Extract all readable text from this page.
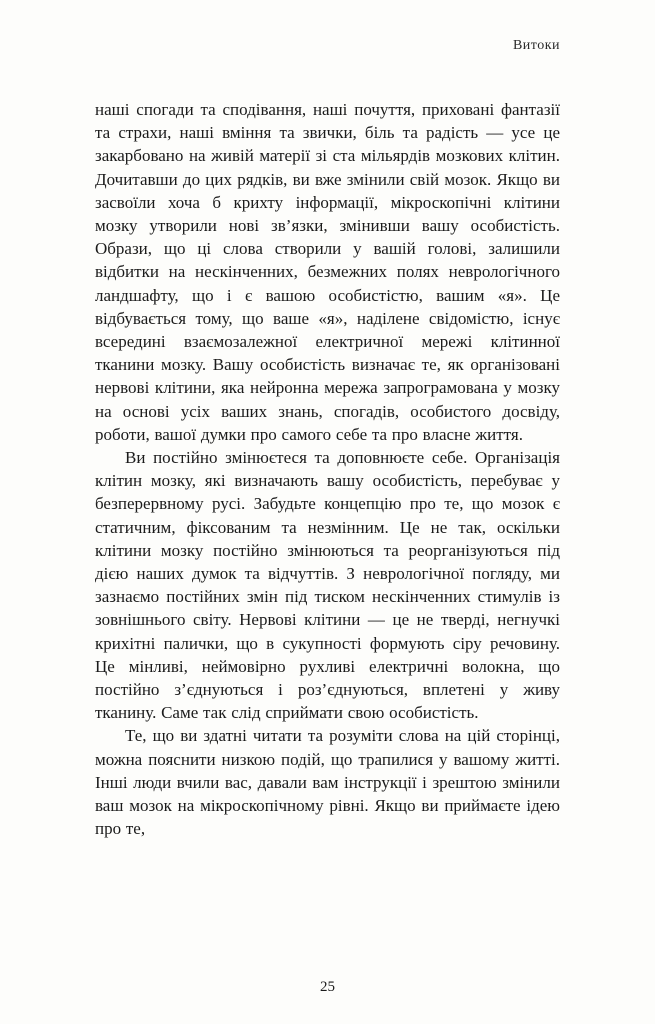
Витоки

наші спогади та сподівання, наші почуття, приховані фантазії та страхи, наші вміння та звички, біль та радість — усе це закарбовано на живій матерії зі ста мільярдів мозкових клітин. Дочитавши до цих рядків, ви вже змінили свій мозок. Якщо ви засвоїли хоча б крихту інформації, мікроскопічні клітини мозку утворили нові зв’язки, змінивши вашу особистість. Образи, що ці слова створили у вашій голові, залишили відбитки на нескінченних, безмежних полях неврологічного ландшафту, що і є вашою особистістю, вашим «я». Це відбувається тому, що ваше «я», наділене свідомістю, існує всередині взаємозалежної електричної мережі клітинної тканини мозку. Вашу особистість визначає те, як організовані нервові клітини, яка нейронна мережа запрограмована у мозку на основі усіх ваших знань, спогадів, особистого досвіду, роботи, вашої думки про самого себе та про власне життя.

Ви постійно змінюєтеся та доповнюєте себе. Організація клітин мозку, які визначають вашу особистість, перебуває у безперервному русі. Забудьте концепцію про те, що мозок є статичним, фіксованим та незмінним. Це не так, оскільки клітини мозку постійно змінюються та реорганізуються під дією наших думок та відчуттів. З неврологічної погляду, ми зазнаємо постійних змін під тиском нескінченних стимулів із зовнішнього світу. Нервові клітини — це не тверді, негнучкі крихітні палички, що в сукупності формують сіру речовину. Це мінливі, неймовірно рухливі електричні волокна, що постійно з’єднуються і роз’єднуються, вплетені у живу тканину. Саме так слід сприймати свою особистість.

Те, що ви здатні читати та розуміти слова на цій сторінці, можна пояснити низкою подій, що трапилися у вашому житті. Інші люди вчили вас, давали вам інструкції і зрештою змінили ваш мозок на мікроскопічному рівні. Якщо ви приймаєте ідею про те,

25
